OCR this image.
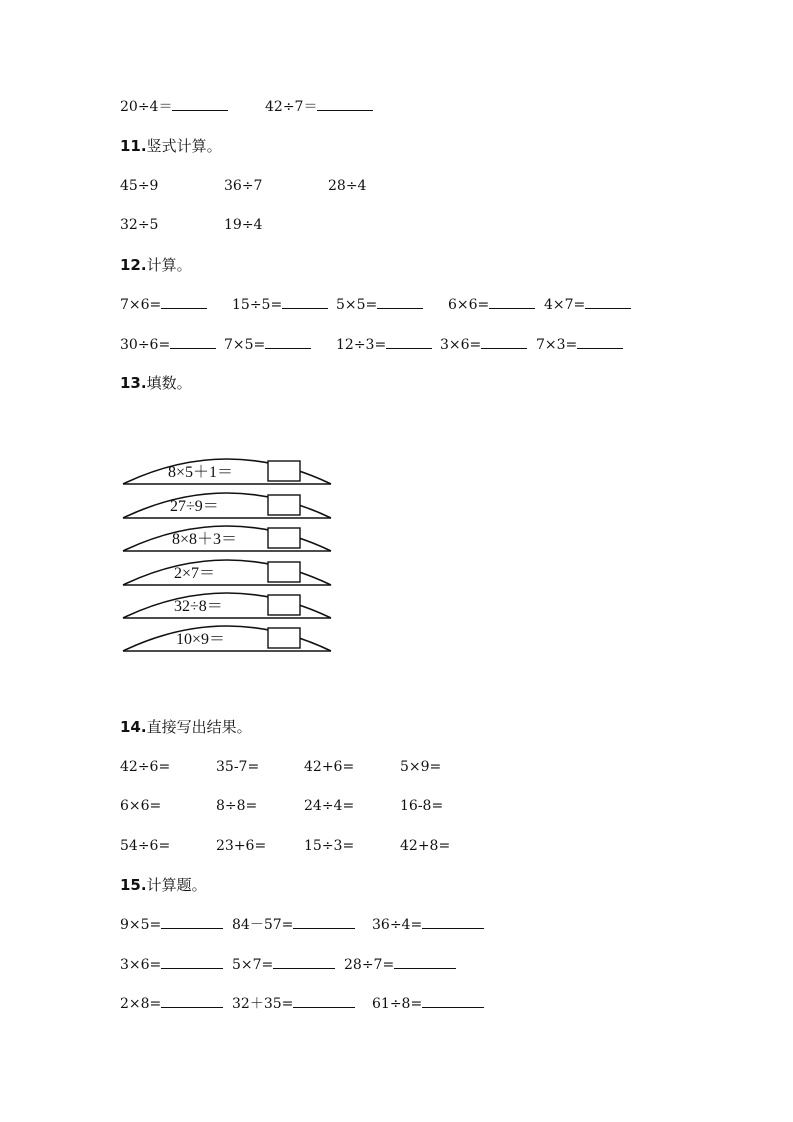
20÷4＝	42÷7＝
11.竖式计算。
45÷9	36÷7	28÷4
32÷5	19÷4
12.计算。
7×6=	15÷5=	5×5=	6×6=	4×7=
30÷6=	7×5=	12÷3=	3×6=	7×3=
13.填数。
8×5＋1＝
27÷9＝
8×8＋3＝
2×7＝
32÷8＝
10×9＝
14.直接写出结果。
42÷6=	35-7=	42+6=	5×9=
6×6=	8÷8=	24÷4=	16-8=
54÷6=	23+6=	15÷3=	42+8=
15.计算题。
9×5=	84－57=	36÷4=
3×6=	5×7=	28÷7=
2×8=	32＋35=	61÷8=
